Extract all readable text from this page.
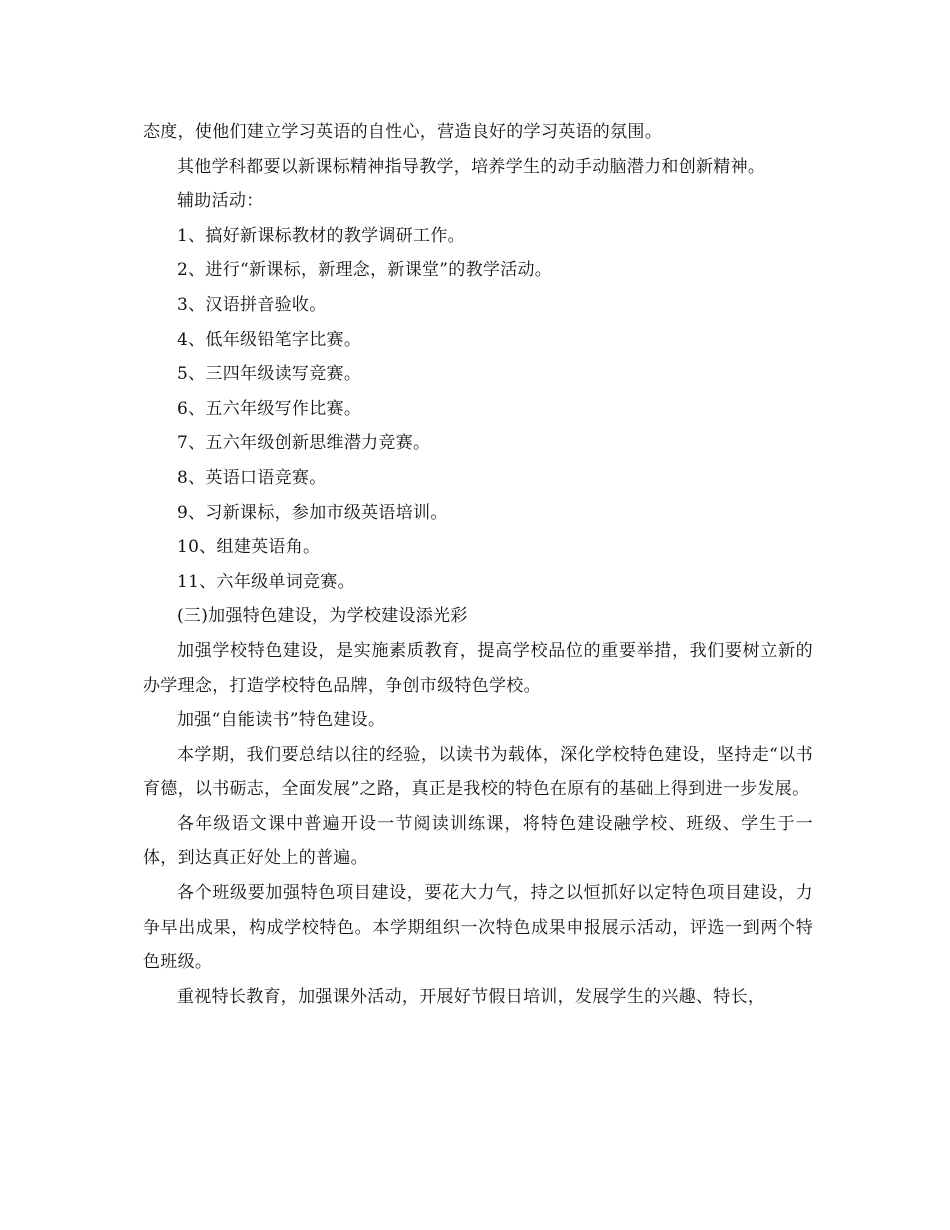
态度，使他们建立学习英语的自性心，营造良好的学习英语的氛围。

其他学科都要以新课标精神指导教学，培养学生的动手动脑潜力和创新精神。

辅助活动：

1、搞好新课标教材的教学调研工作。

2、进行“新课标，新理念，新课堂”的教学活动。

3、汉语拼音验收。

4、低年级铅笔字比赛。

5、三四年级读写竞赛。

6、五六年级写作比赛。

7、五六年级创新思维潜力竞赛。

8、英语口语竞赛。

9、习新课标，参加市级英语培训。

10、组建英语角。

11、六年级单词竞赛。

(三)加强特色建设，为学校建设添光彩

加强学校特色建设，是实施素质教育，提高学校品位的重要举措，我们要树立新的办学理念，打造学校特色品牌，争创市级特色学校。

加强“自能读书”特色建设。

本学期，我们要总结以往的经验，以读书为载体，深化学校特色建设，坚持走“以书育德，以书砺志，全面发展”之路，真正是我校的特色在原有的基础上得到进一步发展。

各年级语文课中普遍开设一节阅读训练课，将特色建设融学校、班级、学生于一体，到达真正好处上的普遍。

各个班级要加强特色项目建设，要花大力气，持之以恒抓好以定特色项目建设，力争早出成果，构成学校特色。本学期组织一次特色成果申报展示活动，评选一到两个特色班级。

重视特长教育，加强课外活动，开展好节假日培训，发展学生的兴趣、特长，
